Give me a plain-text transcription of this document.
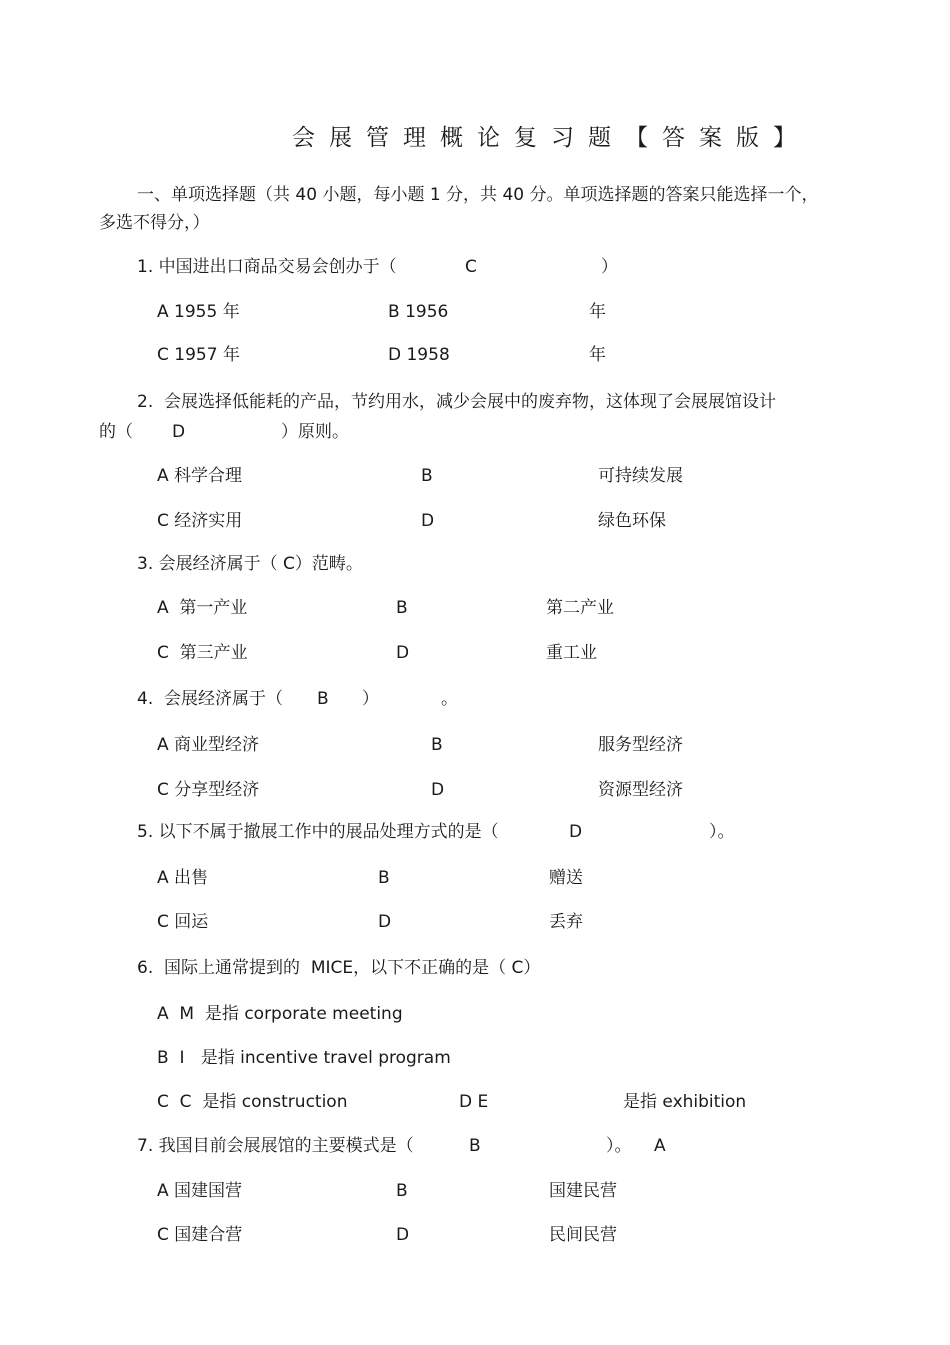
会展管理概论复习题【答案版】
一、单项选择题（共 40 小题，每小题 1 分，共 40 分。单项选择题的答案只能选择一个，
多选不得分，）
1. 中国进出口商品交易会创办于（	C	）
A 1955 年	B 1956	年
C 1957 年	D 1958	年
2.  会展选择低能耗的产品，节约用水，减少会展中的废弃物，这体现了会展展馆设计
的（ D	）原则。
A 科学合理	B	可持续发展
C 经济实用	D	绿色环保
3. 会展经济属于（ C）范畴。
A  第一产业	B	第二产业
C  第三产业	D	重工业
4.  会展经济属于（ B ）	。
A 商业型经济	B	服务型经济
C 分享型经济	D	资源型经济
5. 以下不属于撤展工作中的展品处理方式的是（	D	）。
A 出售	B	赠送
C 回运	D	丢弃
6.  国际上通常提到的  MICE，以下不正确的是（ C）
A  M  是指 corporate meeting
B  I   是指 incentive travel program
C  C  是指 construction	D E	是指 exhibition
7. 我国目前会展展馆的主要模式是（	B	）。 A
A 国建国营	B	国建民营
C 国建合营	D	民间民营
